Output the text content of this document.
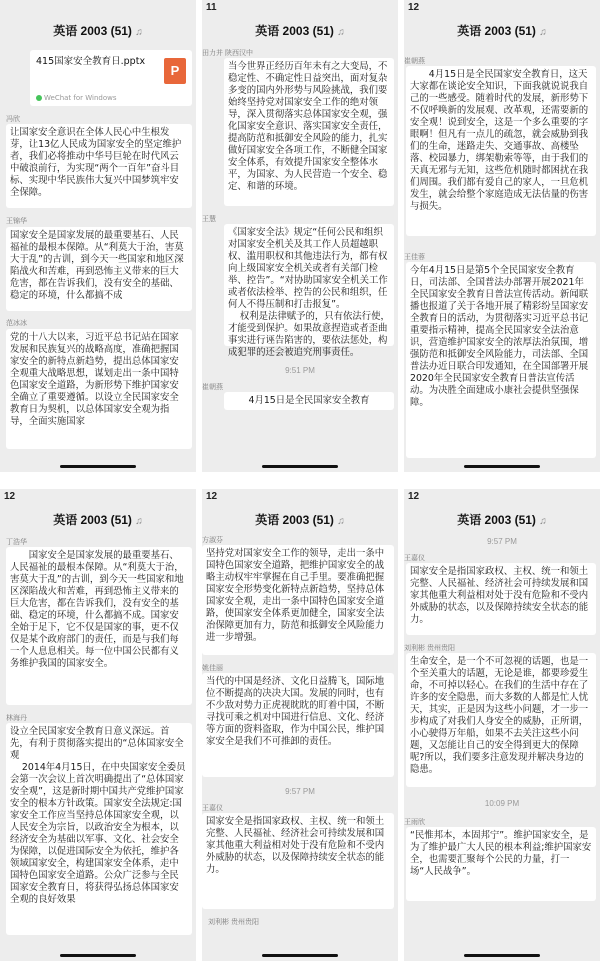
英语 2003 (51) ♫
415国家安全教育日.pptx
P
WeChat for Windows
冯欣
让国家安全意识在全体人民心中生根发芽，让13亿人民成为国家安全的坚定维护者，我们必将推动中华号巨轮在时代风云中破浪前行，为实现“两个一百年”奋斗目标、实现中华民族伟大复兴中国梦筑牢安全保障。
王锦华
国家安全是国家发展的最重要基石、人民福祉的最根本保障。从“利莫大于治，害莫大于乱”的古训，到今天一些国家和地区深陷战火和苦难，再到恐怖主义带来的巨大危害，都在告诉我们，没有安全的基础、稳定的环境，什么都搞不成
范冰冰
党的十八大以来，习近平总书记站在国家发展和民族复兴的战略高度，准确把握国家安全的新特点新趋势，提出总体国家安全观重大战略思想，谋划走出一条中国特色国家安全道路，为新形势下维护国家安全确立了重要遵循。以设立全民国家安全教育日为契机，以总体国家安全观为指导，全面实施国家
11
英语 2003 (51) ♫
田力并 陕西汉中
当今世界正经历百年未有之大变局，不稳定性、不确定性日益突出，面对复杂多变的国内外形势与风险挑战，我们要始终坚持党对国家安全工作的绝对领导，深入贯彻落实总体国家安全观，强化国家安全意识、落实国家安全责任，提高防范和抵御安全风险的能力，扎实做好国家安全各项工作，不断健全国家安全体系，有效提升国家安全整体水平，为国家、为人民营造一个安全、稳定、和谐的环境。
王慧
《国家安全法》规定“任何公民和组织对国家安全机关及其工作人员超越职权、滥用职权和其他违法行为，都有权向上级国家安全机关或者有关部门检举、控告”。“对协助国家安全机关工作或者依法检举、控告的公民和组织，任何人不得压制和打击报复”。
权利是法律赋予的，只有依法行使，才能受到保护。如果故意捏造或者歪曲事实进行诬告陷害的，要依法惩处，构成犯罪的还会被追究刑事责任。
9:51 PM
崔朝燕
4月15日是全民国家安全教育
12
英语 2003 (51) ♫
崔朝燕
4月15日是全民国家安全教育日，这天大家都在谈论安全知识，下面我就说说我自己的一些感受。随着时代的发展，新形势下不仅呼唤新的发展观、改革观，还需要新的安全观！说到安全，这是一个多么重要的字眼啊！但凡有一点儿的疏忽，就会威胁到我们的生命，迷路走失、交通事故、高楼坠落、校园暴力，绑架勒索等等，由于我们的天真无邪与无知，这些危机随时都困扰在我们周围。我们都有爱自己的家人，一旦危机发生，就会给整个家庭造成无法估量的伤害与损失。
王佳蓉
今年4月15日是第5个全民国家安全教育日，司法部、全国普法办部署开展2021年全民国家安全教育日普法宣传活动。新闻联播也报道了关于各地开展了精彩纷呈国家安全教育日的活动，为贯彻落实习近平总书记重要指示精神，提高全民国家安全法治意识，营造维护国家安全的浓厚法治氛围，增强防范和抵御安全风险能力，司法部、全国普法办近日联合印发通知，在全国部署开展2020年全民国家安全教育日普法宣传活动。为决胜全面建成小康社会提供坚强保障。
12
英语 2003 (51) ♫
丁浩华
国家安全是国家发展的最重要基石、人民福祉的最根本保障。从“利莫大于治，害莫大于乱”的古训，到今天一些国家和地区深陷战火和苦难，再到恐怖主义带来的巨大危害，都在告诉我们，没有安全的基础、稳定的环境，什么都搞不成。国家安全始于足下，它不仅是国家的事，更不仅仅是某个政府部门的责任，而是与我们每一个人息息相关。每一位中国公民都有义务维护我国的国家安全。
林海丹
设立全民国家安全教育日意义深远。首先，有利于贯彻落实提出的“总体国家安全观
2014年4月15日，在中央国家安全委员会第一次会议上首次明确提出了“总体国家安全观”，这是新时期中国共产党维护国家安全的根本方针政策。国家安全法规定:国家安全工作应当坚持总体国家安全观，以人民安全为宗旨，以政治安全为根本，以经济安全为基础以军事、文化、社会安全为保障，以促进国际安全为依托，维护各领域国家安全，构建国家安全体系，走中国特色国家安全道路。公众广泛参与全民国家安全教育日，将获得弘扬总体国家安全观的良好效果
12
英语 2003 (51) ♫
方淑芬
坚持党对国家安全工作的领导，走出一条中国特色国家安全道路，把维护国家安全的战略主动权牢牢掌握在自己手里。要准确把握国家安全形势变化新特点新趋势，坚持总体国家安全观，走出一条中国特色国家安全道路，使国家安全体系更加健全，国家安全法治保障更加有力，防范和抵御安全风险能力进一步增强。
姚佳丽
当代的中国是经济、文化日益腾飞，国际地位不断提高的决决大国。发展的同时，也有不少敌对势力正虎视眈眈的盯着中国，不断寻找可乘之机对中国进行信息、文化、经济等方面的资料盗取，作为中国公民，维护国家安全是我们不可推卸的责任。
9:57 PM
王嘉仪
国家安全是指国家政权、主权、统一和领土完整、人民福祉、经济社会可持续发展和国家其他重大利益相对处于没有危险和不受内外威胁的状态，以及保障持续安全状态的能力。
刘利彬 贵州贵阳
12
英语 2003 (51) ♫
9:57 PM
王嘉仪
国家安全是指国家政权、主权、统一和领土完整、人民福祉、经济社会可持续发展和国家其他重大利益相对处于没有危险和不受内外威胁的状态，以及保障持续安全状态的能力。
刘利彬 贵州贵阳
生命安全，是一个不可忽视的话题，也是一个至关重大的话题，无论是谁，都要珍爱生命，不可掉以轻心。在我们的生活中存在了许多的安全隐患，而大多数的人都是忙人忧天，其实，正是因为这些小问题，才一步一步构成了对我们人身安全的威胁，正所谓，小心驶得万年船，如果不去关注这些小问题，又怎能让自己的安全得到更大的保障呢?所以，我们要多注意发现并解决身边的隐患。
10:09 PM
王雨欣
“民惟邦本，本固邦宁”。维护国家安全，是为了维护最广大人民的根本利益;维护国家安全，也需要汇聚每个公民的力量，打一场“人民战争”。
